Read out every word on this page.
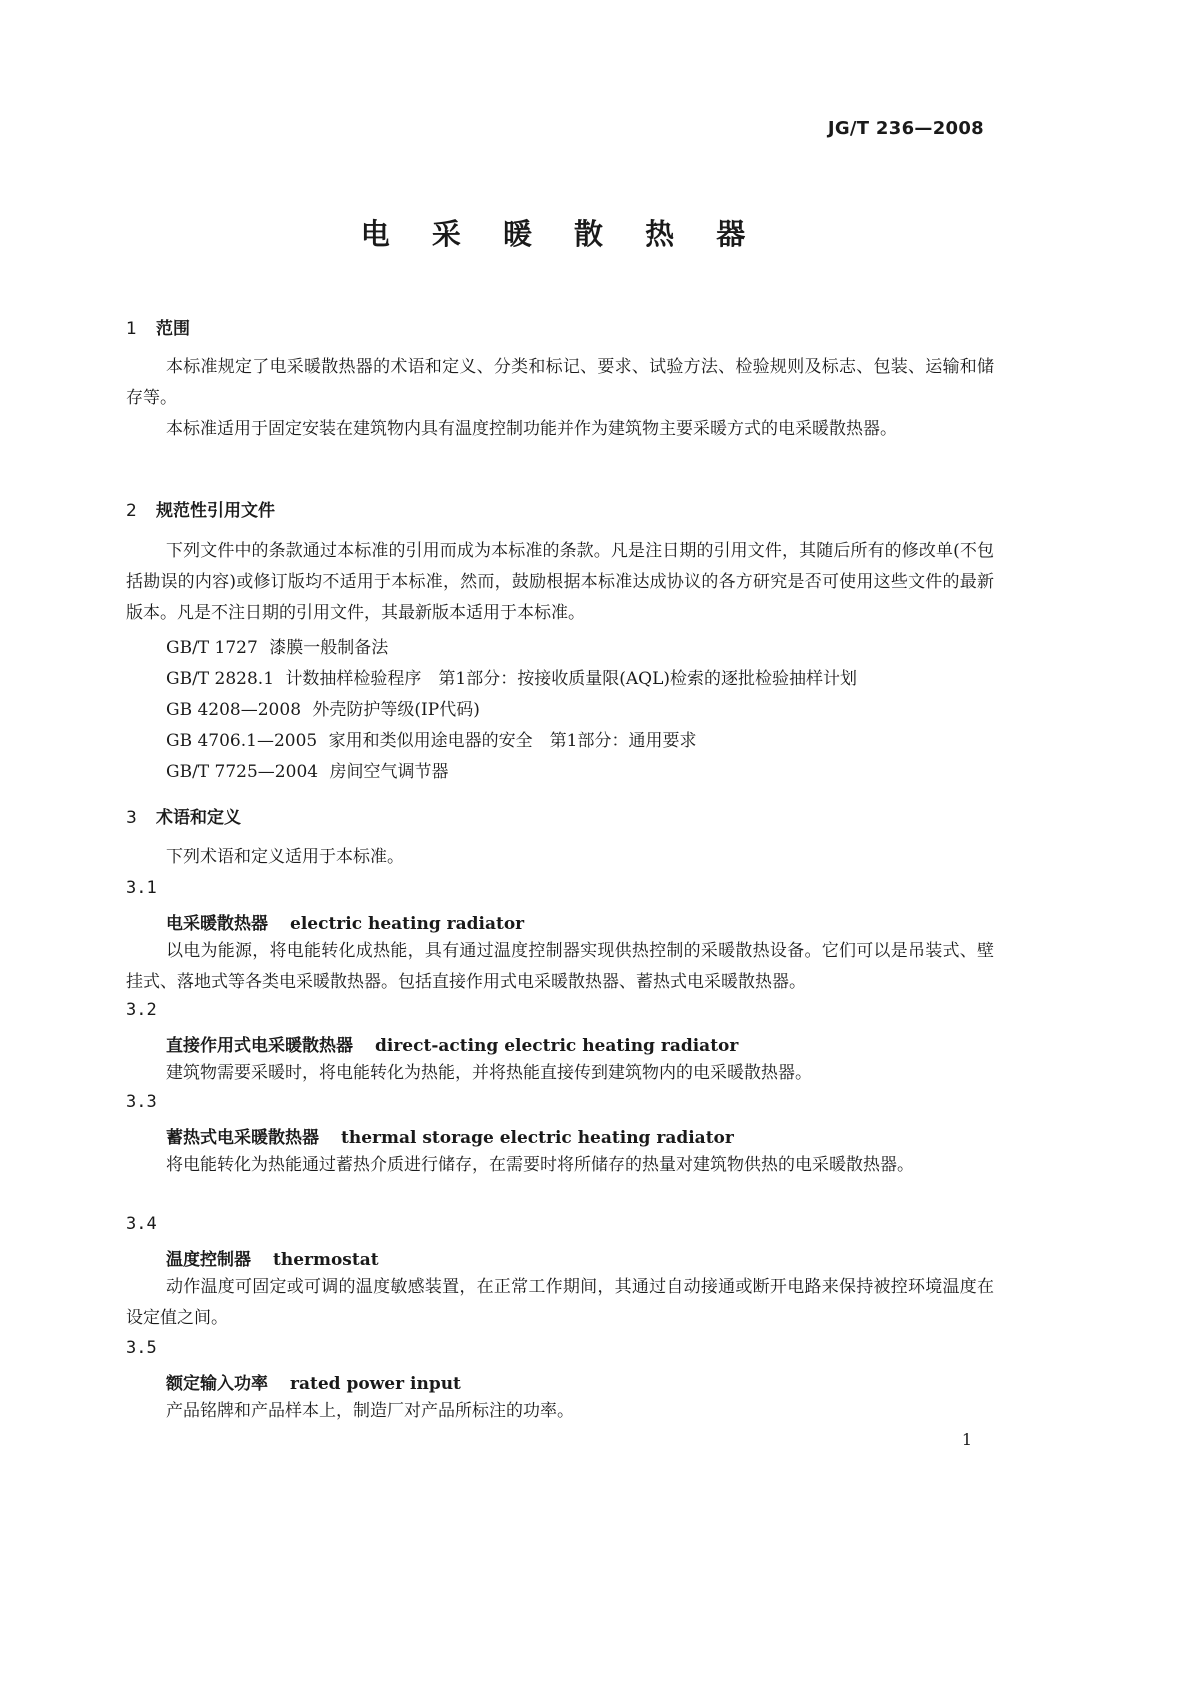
JG/T 236—2008
电 采 暖 散 热 器
1 范围
本标准规定了电采暖散热器的术语和定义、分类和标记、要求、试验方法、检验规则及标志、包装、运输和储存等。
本标准适用于固定安装在建筑物内具有温度控制功能并作为建筑物主要采暖方式的电采暖散热器。
2 规范性引用文件
下列文件中的条款通过本标准的引用而成为本标准的条款。凡是注日期的引用文件，其随后所有的修改单(不包括勘误的内容)或修订版均不适用于本标准，然而，鼓励根据本标准达成协议的各方研究是否可使用这些文件的最新版本。凡是不注日期的引用文件，其最新版本适用于本标准。
GB/T 1727 漆膜一般制备法
GB/T 2828.1 计数抽样检验程序　第1部分：按接收质量限(AQL)检索的逐批检验抽样计划
GB 4208—2008 外壳防护等级(IP代码)
GB 4706.1—2005 家用和类似用途电器的安全　第1部分：通用要求
GB/T 7725—2004 房间空气调节器
3 术语和定义
下列术语和定义适用于本标准。
3.1
电采暖散热器 electric heating radiator
以电为能源，将电能转化成热能，具有通过温度控制器实现供热控制的采暖散热设备。它们可以是吊装式、壁挂式、落地式等各类电采暖散热器。包括直接作用式电采暖散热器、蓄热式电采暖散热器。
3.2
直接作用式电采暖散热器 direct-acting electric heating radiator
建筑物需要采暖时，将电能转化为热能，并将热能直接传到建筑物内的电采暖散热器。
3.3
蓄热式电采暖散热器 thermal storage electric heating radiator
将电能转化为热能通过蓄热介质进行储存，在需要时将所储存的热量对建筑物供热的电采暖散热器。
3.4
温度控制器 thermostat
动作温度可固定或可调的温度敏感装置，在正常工作期间，其通过自动接通或断开电路来保持被控环境温度在设定值之间。
3.5
额定输入功率 rated power input
产品铭牌和产品样本上，制造厂对产品所标注的功率。
1
